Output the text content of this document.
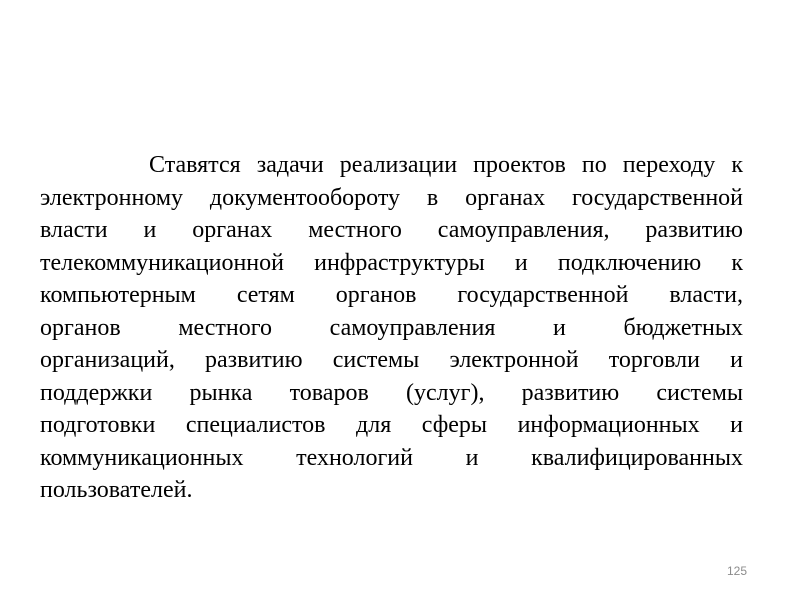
Ставятся задачи реализации проектов по переходу к
электронному документообороту в органах государственной
власти и органах местного самоуправления, развитию
телекоммуникационной инфраструктуры и подключению к
компьютерным сетям органов государственной власти,
органов местного самоуправления и бюджетных
организаций, развитию системы электронной торговли и
поддержки рынка товаров (услуг), развитию системы
подготовки специалистов для сферы информационных и
коммуникационных технологий и квалифицированных
пользователей.
125
